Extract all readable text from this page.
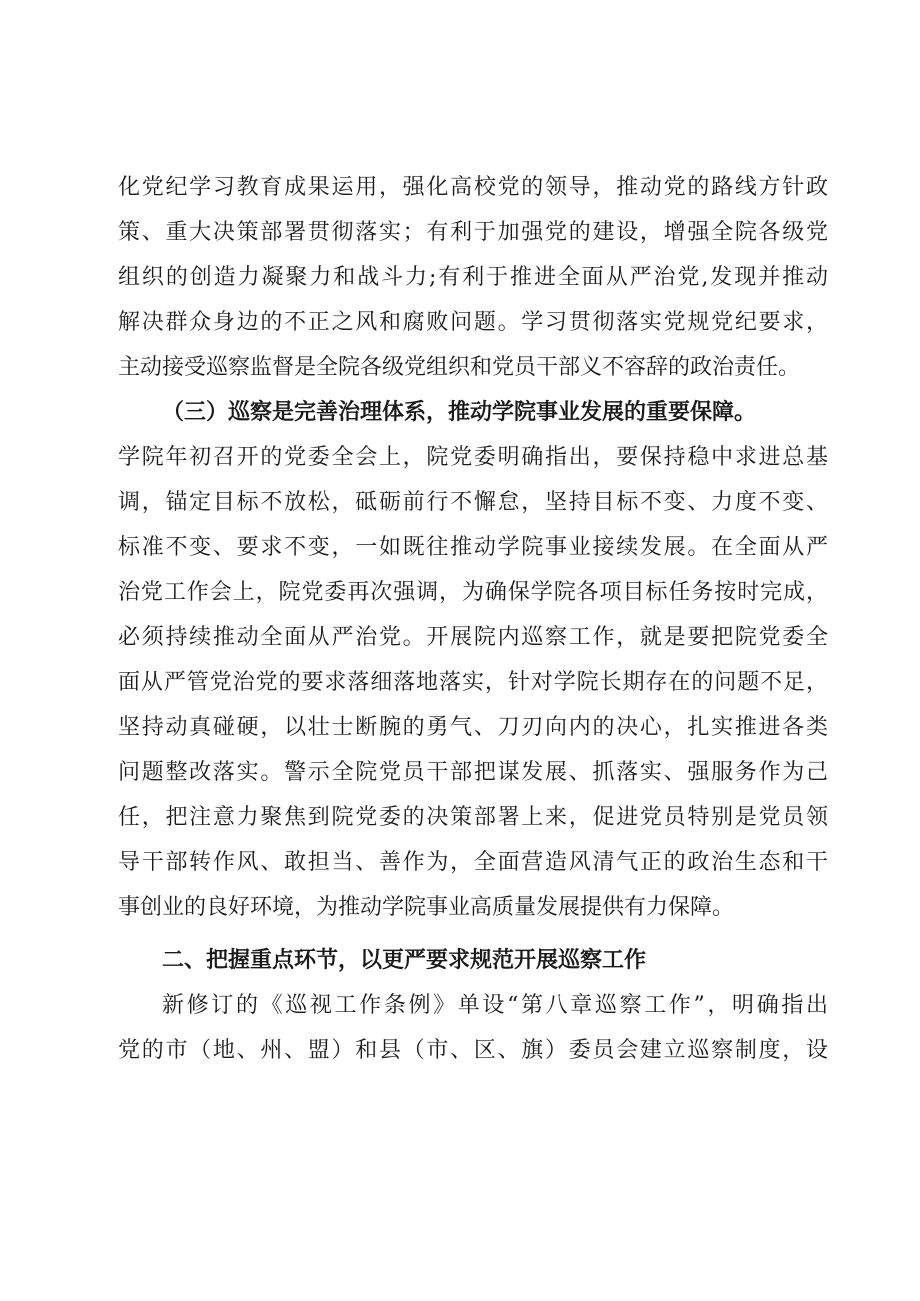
化党纪学习教育成果运用，强化高校党的领导，推动党的路线方针政
策、重大决策部署贯彻落实；有利于加强党的建设，增强全院各级党
组织的创造力凝聚力和战斗力;有利于推进全面从严治党,发现并推动
解决群众身边的不正之风和腐败问题。学习贯彻落实党规党纪要求，
主动接受巡察监督是全院各级党组织和党员干部义不容辞的政治责任。
（三）巡察是完善治理体系，推动学院事业发展的重要保障。
学院年初召开的党委全会上，院党委明确指出，要保持稳中求进总基
调，锚定目标不放松，砥砺前行不懈怠，坚持目标不变、力度不变、
标准不变、要求不变，一如既往推动学院事业接续发展。在全面从严
治党工作会上，院党委再次强调，为确保学院各项目标任务按时完成，
必须持续推动全面从严治党。开展院内巡察工作，就是要把院党委全
面从严管党治党的要求落细落地落实，针对学院长期存在的问题不足，
坚持动真碰硬，以壮士断腕的勇气、刀刃向内的决心，扎实推进各类
问题整改落实。警示全院党员干部把谋发展、抓落实、强服务作为己
任，把注意力聚焦到院党委的决策部署上来，促进党员特别是党员领
导干部转作风、敢担当、善作为，全面营造风清气正的政治生态和干
事创业的良好环境，为推动学院事业高质量发展提供有力保障。
二、把握重点环节，以更严要求规范开展巡察工作
新修订的《巡视工作条例》单设“第八章巡察工作”，明确指出
党的市（地、州、盟）和县（市、区、旗）委员会建立巡察制度，设
